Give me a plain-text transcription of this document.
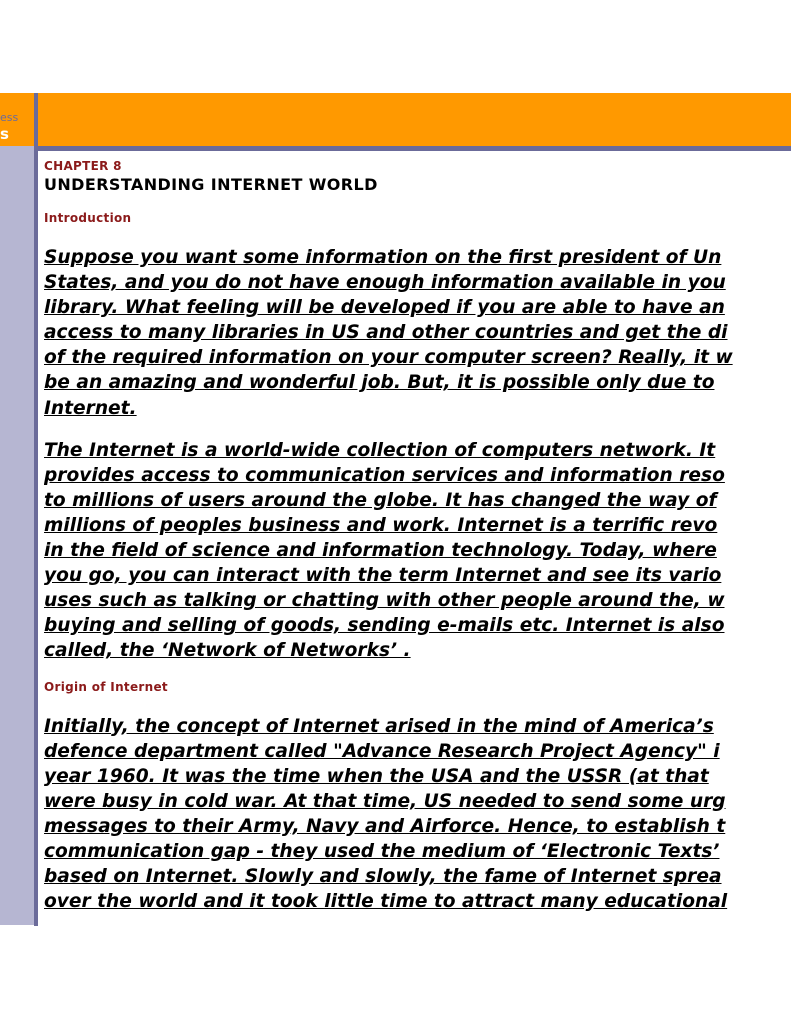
ess
s
CHAPTER 8
UNDERSTANDING INTERNET WORLD
Introduction

Suppose you want some information on the first president of Un
States, and you do not have enough information available in you
library. What feeling will be developed if you are able to have an
access to many libraries in US and other countries and get the di
of the required information on your computer screen? Really, it w
be an amazing and wonderful job. But, it is possible only due to
Internet.

The Internet is a world-wide collection of computers network. It
provides access to communication services and information reso
to millions of users around the globe. It has changed the way of
millions of peoples business and work. Internet is a terrific revo
in the field of science and information technology. Today, where
you go, you can interact with the term Internet and see its vario
uses such as talking or chatting with other people around the, w
buying and selling of goods, sending e-mails etc. Internet is also
called, the ‘Network of Networks’ .

Origin of Internet

Initially, the concept of Internet arised in the mind of America’s
defence department called "Advance Research Project Agency" i
year 1960. It was the time when the USA and the USSR (at that
were busy in cold war. At that time, US needed to send some urg
messages to their Army, Navy and Airforce. Hence, to establish t
communication gap - they used the medium of ‘Electronic Texts’
based on Internet. Slowly and slowly, the fame of Internet sprea
over the world and it took little time to attract many educational
